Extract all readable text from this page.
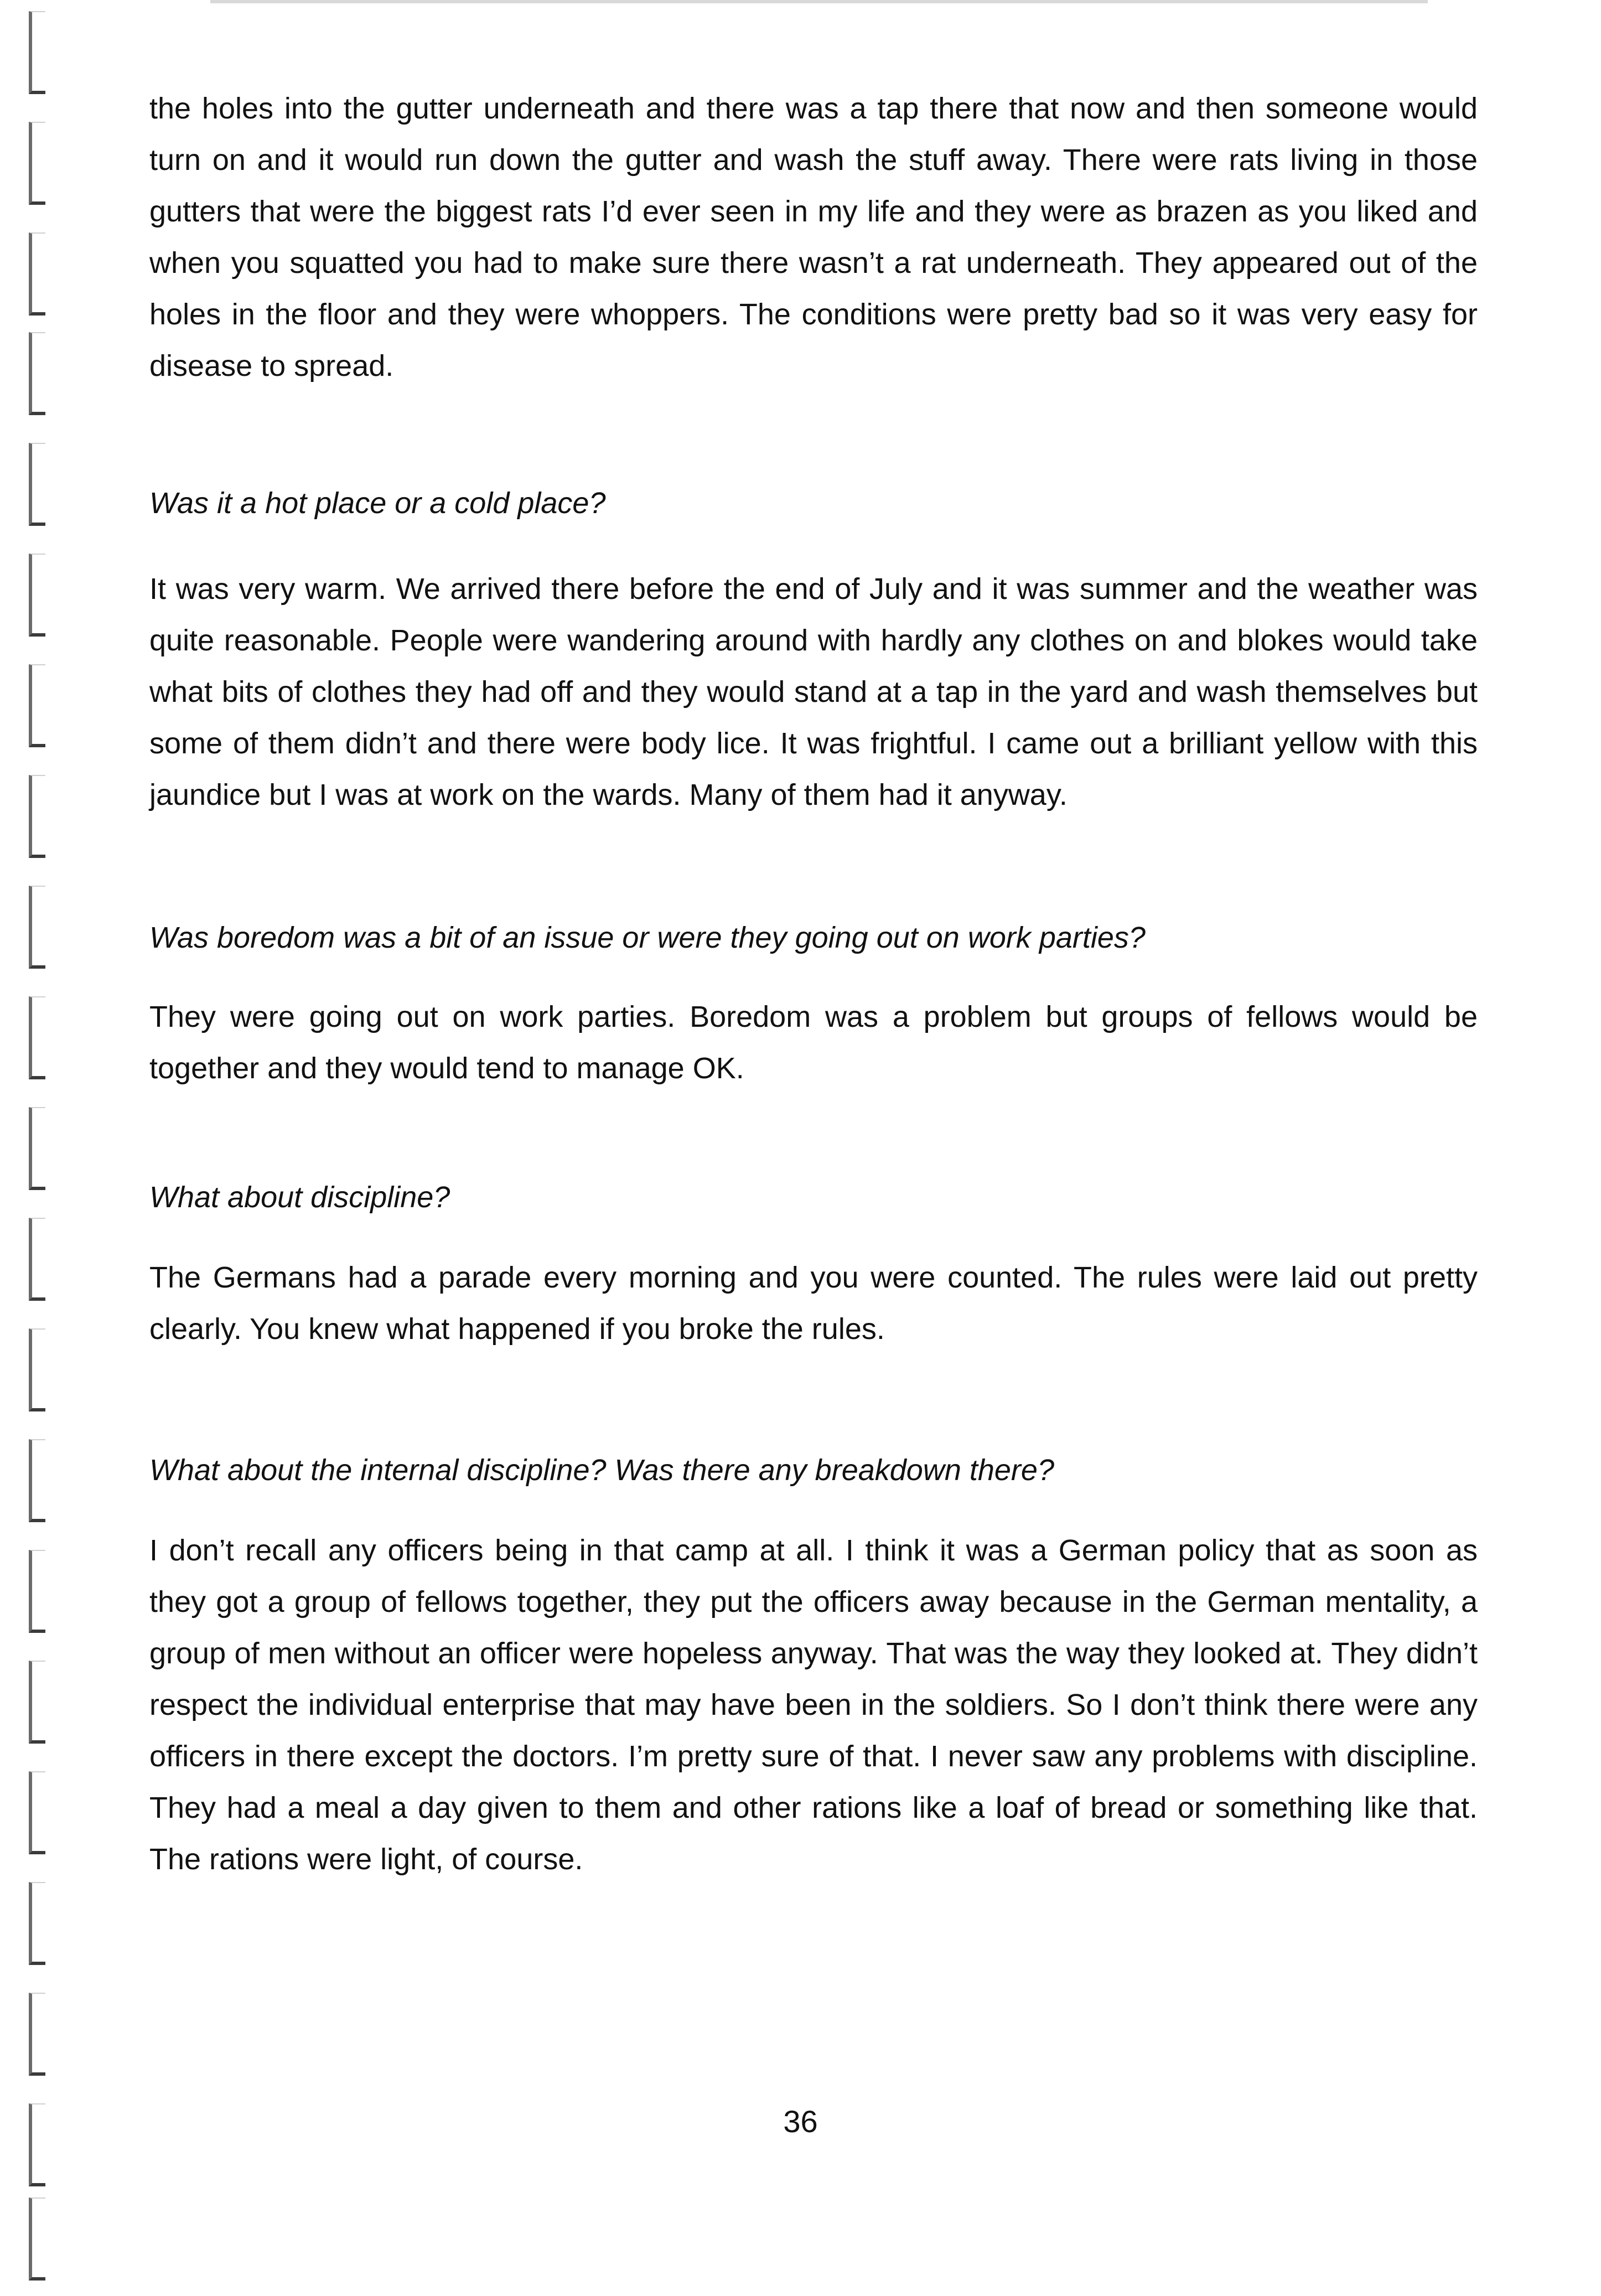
the holes into the gutter underneath and there was a tap there that now and then someone would turn on and it would run down the gutter and wash the stuff away. There were rats living in those gutters that were the biggest rats I’d ever seen in my life and they were as brazen as you liked and when you squatted you had to make sure there wasn’t a rat underneath. They appeared out of the holes in the floor and they were whoppers. The conditions were pretty bad so it was very easy for disease to spread.

Was it a hot place or a cold place?

It was very warm. We arrived there before the end of July and it was summer and the weather was quite reasonable. People were wandering around with hardly any clothes on and blokes would take what bits of clothes they had off and they would stand at a tap in the yard and wash themselves but some of them didn’t and there were body lice. It was frightful. I came out a brilliant yellow with this jaundice but I was at work on the wards. Many of them had it anyway.

Was boredom was a bit of an issue or were they going out on work parties?

They were going out on work parties. Boredom was a problem but groups of fellows would be together and they would tend to manage OK.

What about discipline?

The Germans had a parade every morning and you were counted. The rules were laid out pretty clearly. You knew what happened if you broke the rules.

What about the internal discipline? Was there any breakdown there?

I don’t recall any officers being in that camp at all. I think it was a German policy that as soon as they got a group of fellows together, they put the officers away because in the German mentality, a group of men without an officer were hopeless anyway. That was the way they looked at. They didn’t respect the individual enterprise that may have been in the soldiers. So I don’t think there were any officers in there except the doctors. I’m pretty sure of that. I never saw any problems with discipline. They had a meal a day given to them and other rations like a loaf of bread or something like that. The rations were light, of course.

36
